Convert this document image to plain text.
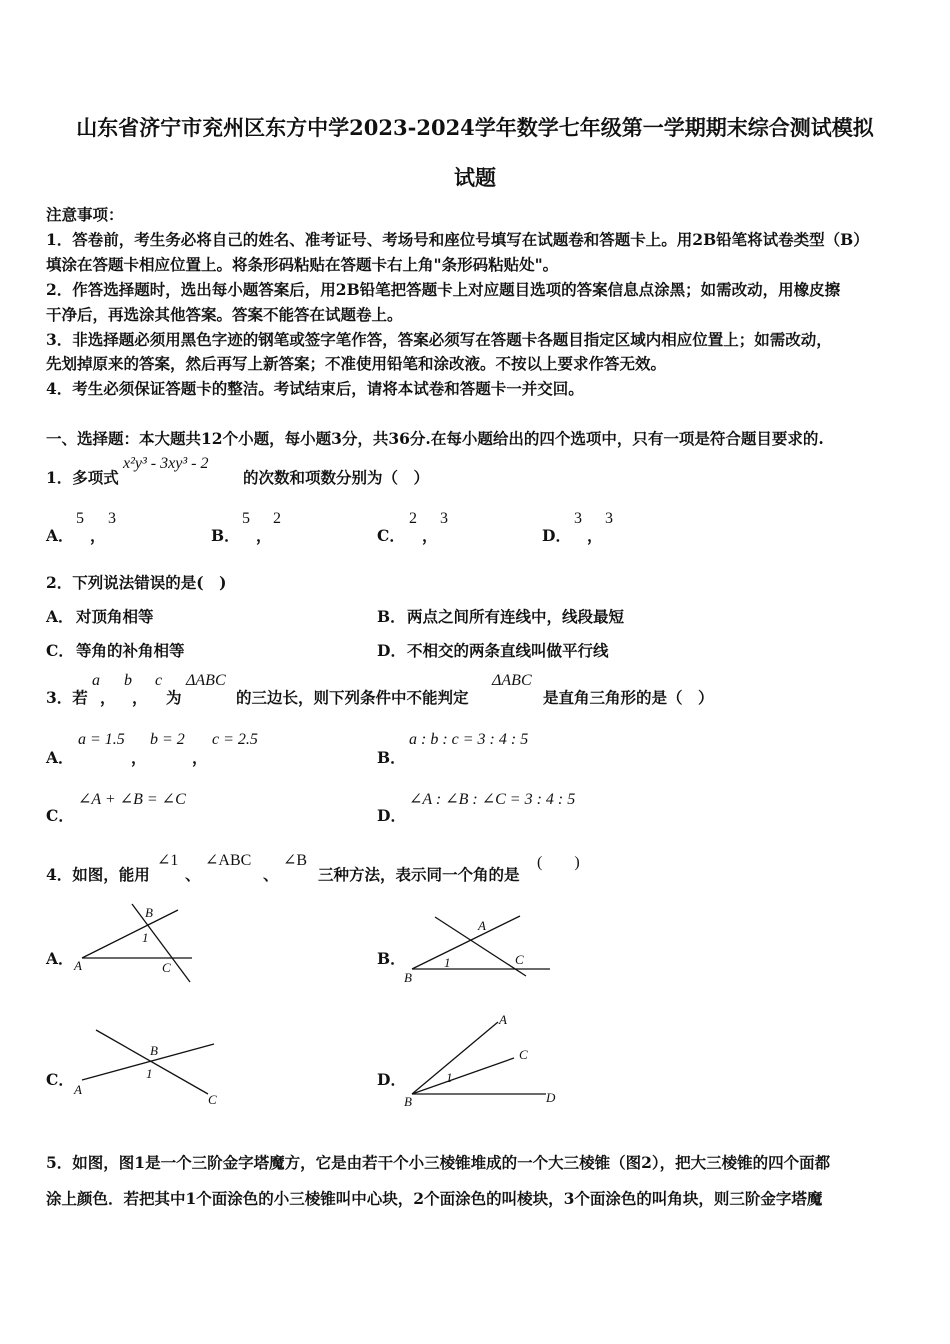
山东省济宁市兖州区东方中学2023-2024学年数学七年级第一学期期末综合测试模拟
试题
注意事项：
1．答卷前，考生务必将自己的姓名、准考证号、考场号和座位号填写在试题卷和答题卡上。用2B铅笔将试卷类型（B）
填涂在答题卡相应位置上。将条形码粘贴在答题卡右上角"条形码粘贴处"。
2．作答选择题时，选出每小题答案后，用2B铅笔把答题卡上对应题目选项的答案信息点涂黑；如需改动，用橡皮擦
干净后，再选涂其他答案。答案不能答在试题卷上。
3．非选择题必须用黑色字迹的钢笔或签字笔作答，答案必须写在答题卡各题目指定区域内相应位置上；如需改动，
先划掉原来的答案，然后再写上新答案；不准使用铅笔和涂改液。不按以上要求作答无效。
4．考生必须保证答题卡的整洁。考试结束后，请将本试卷和答题卡一并交回。
一、选择题：本大题共12个小题，每小题3分，共36分.在每小题给出的四个选项中，只有一项是符合题目要求的.
1．多项式
x²y³ - 3xy³ - 2
的次数和项数分别为（　）
A．
5
，
3
B．
5
，
2
C．
2
，
3
D．
3
，
3
2．下列说法错误的是(　)
A． 对顶角相等	B． 两点之间所有连线中，线段最短
C． 等角的补角相等	D． 不相交的两条直线叫做平行线
3．若
a
，
b
，
c
为
ΔABC
的三边长，则下列条件中不能判定
ΔABC
是直角三角形的是（　）
A．
a = 1.5
，
b = 2
，
c = 2.5
B．
a : b : c = 3 : 4 : 5
C．
∠A + ∠B = ∠C
D．
∠A : ∠B : ∠C = 3 : 4 : 5
4．如图，能用
∠1
、
∠ABC
、
∠B
三种方法，表示同一个角的是
(　　)
A．	B．
C．	D．
B
1
A	C
B
1
A
C
B
1
A
C	B
1
A
C
D
5．如图，图1是一个三阶金字塔魔方，它是由若干个小三棱锥堆成的一个大三棱锥（图2），把大三棱锥的四个面都
涂上颜色．若把其中1个面涂色的小三棱锥叫中心块，2个面涂色的叫棱块，3个面涂色的叫角块，则三阶金字塔魔
